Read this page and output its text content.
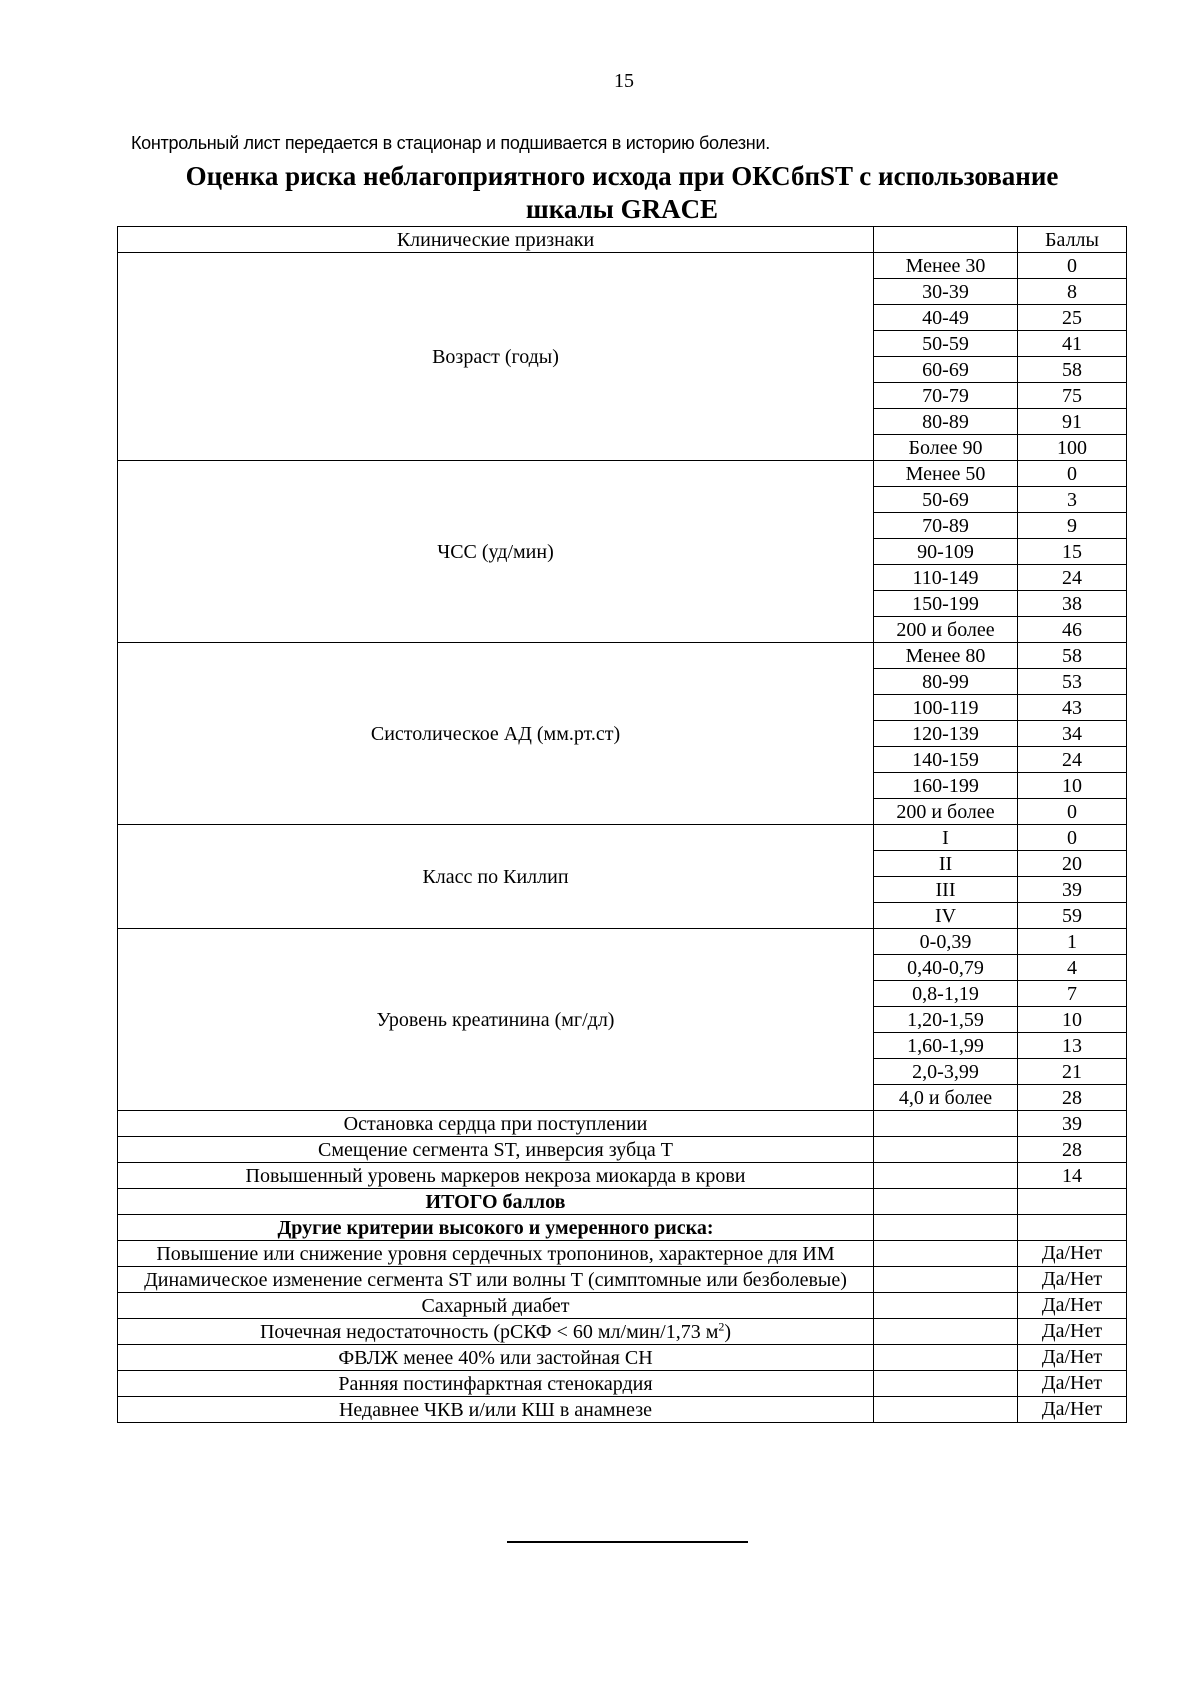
15
Контрольный лист передается в стационар и подшивается в историю болезни.
Оценка риска неблагоприятного исхода при ОКСбпST с использование
шкалы GRACE
Клинические признаки		Баллы
Возраст (годы)	Менее 30	0
	30-39	8
	40-49	25
	50-59	41
	60-69	58
	70-79	75
	80-89	91
	Более 90	100
ЧСС (уд/мин)	Менее 50	0
	50-69	3
	70-89	9
	90-109	15
	110-149	24
	150-199	38
	200 и более	46
Систолическое АД (мм.рт.ст)	Менее 80	58
	80-99	53
	100-119	43
	120-139	34
	140-159	24
	160-199	10
	200 и более	0
Класс по Киллип	I	0
	II	20
	III	39
	IV	59
Уровень креатинина (мг/дл)	0-0,39	1
	0,40-0,79	4
	0,8-1,19	7
	1,20-1,59	10
	1,60-1,99	13
	2,0-3,99	21
	4,0 и более	28
Остановка сердца при поступлении		39
Смещение сегмента ST, инверсия зубца T		28
Повышенный уровень маркеров некроза миокарда в крови		14
ИТОГО баллов		
Другие критерии высокого и умеренного риска:		
Повышение или снижение уровня сердечных тропонинов, характерное для ИМ		Да/Нет
Динамическое изменение сегмента ST или волны Т (симптомные или безболевые)		Да/Нет
Сахарный диабет		Да/Нет
Почечная недостаточность (рСКФ < 60 мл/мин/1,73 $м^2$)		Да/Нет
ФВЛЖ менее 40% или застойная СН		Да/Нет
Ранняя постинфарктная стенокардия		Да/Нет
Недавнее ЧКВ и/или КШ в анамнезе		Да/Нет
